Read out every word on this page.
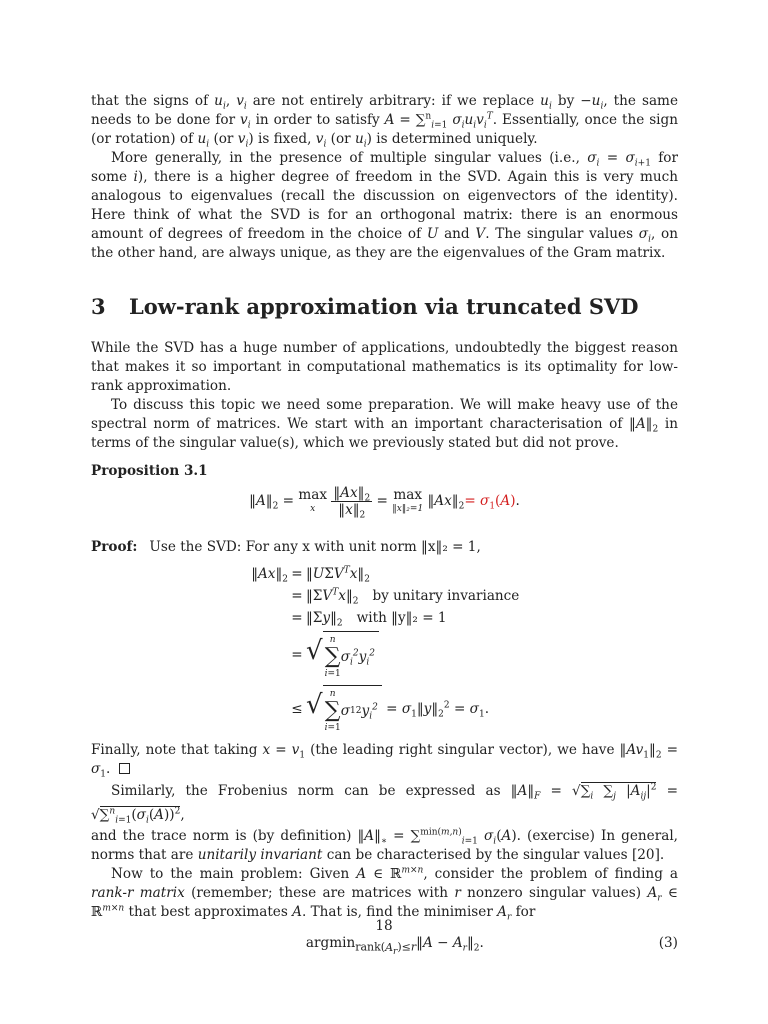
that the signs of $u_i$, $v_i$ are not entirely arbitrary: if we replace $u_i$ by $-u_i$, the same needs to be done for $v_i$ in order to satisfy A = ∑$^n_{i=1}$ $\sigma_iu_iv_i^T$. Essentially, once the sign (or rotation) of $u_i$ (or $v_i$) is fixed, $v_i$ (or $u_i$) is determined uniquely.

More generally, in the presence of multiple singular values (i.e., $\sigma_i = \sigma_{i+1}$ for some i), there is a higher degree of freedom in the SVD. Again this is very much analogous to eigenvalues (recall the discussion on eigenvectors of the identity). Here think of what the SVD is for an orthogonal matrix: there is an enormous amount of degrees of freedom in the choice of U and V. The singular values $\sigma_i$, on the other hand, are always unique, as they are the eigenvalues of the Gram matrix.

3 Low-rank approximation via truncated SVD

While the SVD has a huge number of applications, undoubtedly the biggest reason that makes it so important in computational mathematics is its optimality for low-rank approximation.

To discuss this topic we need some preparation. We will make heavy use of the spectral norm of matrices. We start with an important characterisation of $‖A‖_2$ in terms of the singular value(s), which we previously stated but did not prove.

Proposition 3.1

$‖A‖_2 = \max$
x
	$\frac{‖Ax‖_2}{‖x‖_2} = \max$
‖x‖₂=1 $‖Ax‖_2= \sigma_1(A)$.

Proof: Use the SVD: For any x with unit norm ‖x‖₂ = 1,

$‖Ax‖_2$ = $‖U\Sigma V^Tx‖_2$
= $‖\Sigma V^Tx‖_2$ by unitary invariance
= $‖\Sigma y‖_2$ with ‖y‖₂ = 1
= √ n
∑
i=1
$\sigma_i^2y_i^2$
≤ √ n
∑
i=1
σ 1 2 $y_i^2$ = $\sigma_1‖y‖_2^2 = \sigma_1$.

Finally, note that taking $x = v_1$ (the leading right singular vector), we have $‖Av_1‖_2 = \sigma_1$.

Similarly, the Frobenius norm can be expressed as $‖A‖_F = √\sum_i$ $\sum_j$ $|A_{ij}|^2 = √\sum^n_{i=1}(\sigma_i(A))^2$,

and the trace norm is (by definition) $‖A‖_∗ = \sum^{min(m,n)}_{i=1}$ $\sigma_i(A)$. (exercise) In general, norms that are unitarily invariant can be characterised by the singular values [20].

Now to the main problem: Given A ∈ ℝ$^{m\times n}$, consider the problem of finding a rank-r matrix (remember; these are matrices with r nonzero singular values) $A_r$ ∈ ℝ$^{m\times n}$ that best approximates A. That is, find the minimiser $A_r$ for

argmin$_{rank(A_r)\le r}$‖A − $A_r‖_2$.	(3)
18
